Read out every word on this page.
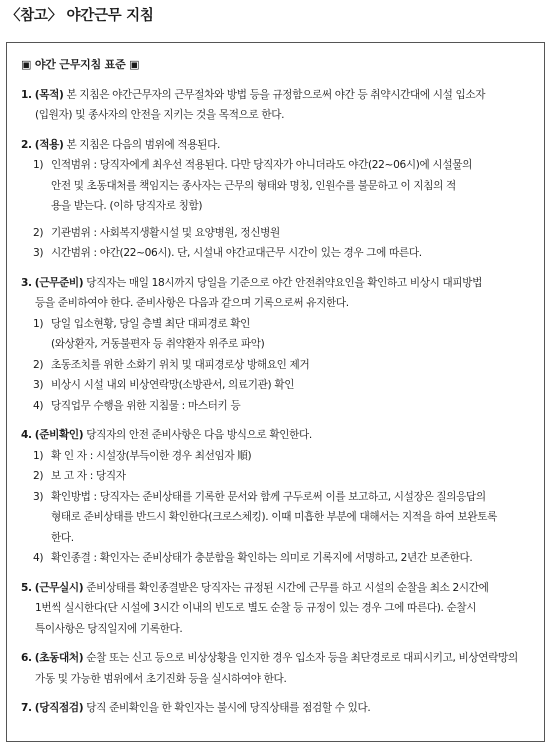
〈참고〉 야간근무 지침
▣ 야간 근무지침 표준 ▣
1. (목적) 본 지침은 야간근무자의 근무절차와 방법 등을 규정함으로써 야간 등 취약시간대에 시설 입소자
(입원자) 및 종사자의 안전을 지키는 것을 목적으로 한다.
2. (적용) 본 지침은 다음의 범위에 적용된다.
1) 인적범위 : 당직자에게 최우선 적용된다. 다만 당직자가 아니더라도 야간(22~06시)에 시설물의
안전 및 초동대처를 책임지는 종사자는 근무의 형태와 명칭, 인원수를 불문하고 이 지침의 적
용을 받는다. (이하 당직자로 칭함)
2) 기관범위 : 사회복지생활시설 및 요양병원, 정신병원
3) 시간범위 : 야간(22~06시). 단, 시설내 야간교대근무 시간이 있는 경우 그에 따른다.
3. (근무준비) 당직자는 매일 18시까지 당일을 기준으로 야간 안전취약요인을 확인하고 비상시 대피방법
등을 준비하여야 한다. 준비사항은 다음과 같으며 기록으로써 유지한다.
1) 당일 입소현황, 당일 층별 최단 대피경로 확인
(와상환자, 거동불편자 등 취약환자 위주로 파악)
2) 초동조치를 위한 소화기 위치 및 대피경로상 방해요인 제거
3) 비상시 시설 내외 비상연락망(소방관서, 의료기관) 확인
4) 당직업무 수행을 위한 지침물 : 마스터키 등
4. (준비확인) 당직자의 안전 준비사항은 다음 방식으로 확인한다.
1) 확 인 자 : 시설장(부득이한 경우 최선임자 順)
2) 보 고 자 : 당직자
3) 확인방법 : 당직자는 준비상태를 기록한 문서와 함께 구두로써 이를 보고하고, 시설장은 질의응답의
형태로 준비상태를 반드시 확인한다(크로스체킹). 이때 미흡한 부분에 대해서는 지적을 하여 보완토록
한다.
4) 확인종결 : 확인자는 준비상태가 충분함을 확인하는 의미로 기록지에 서명하고, 2년간 보존한다.
5. (근무실시) 준비상태를 확인종결받은 당직자는 규정된 시간에 근무를 하고 시설의 순찰을 최소 2시간에
1번씩 실시한다(단 시설에 3시간 이내의 빈도로 별도 순찰 등 규정이 있는 경우 그에 따른다). 순찰시
특이사항은 당직일지에 기록한다.
6. (초동대처) 순찰 또는 신고 등으로 비상상황을 인지한 경우 입소자 등을 최단경로로 대피시키고, 비상연락망의
가동 및 가능한 범위에서 초기진화 등을 실시하여야 한다.
7. (당직점검) 당직 준비확인을 한 확인자는 불시에 당직상태를 점검할 수 있다.
